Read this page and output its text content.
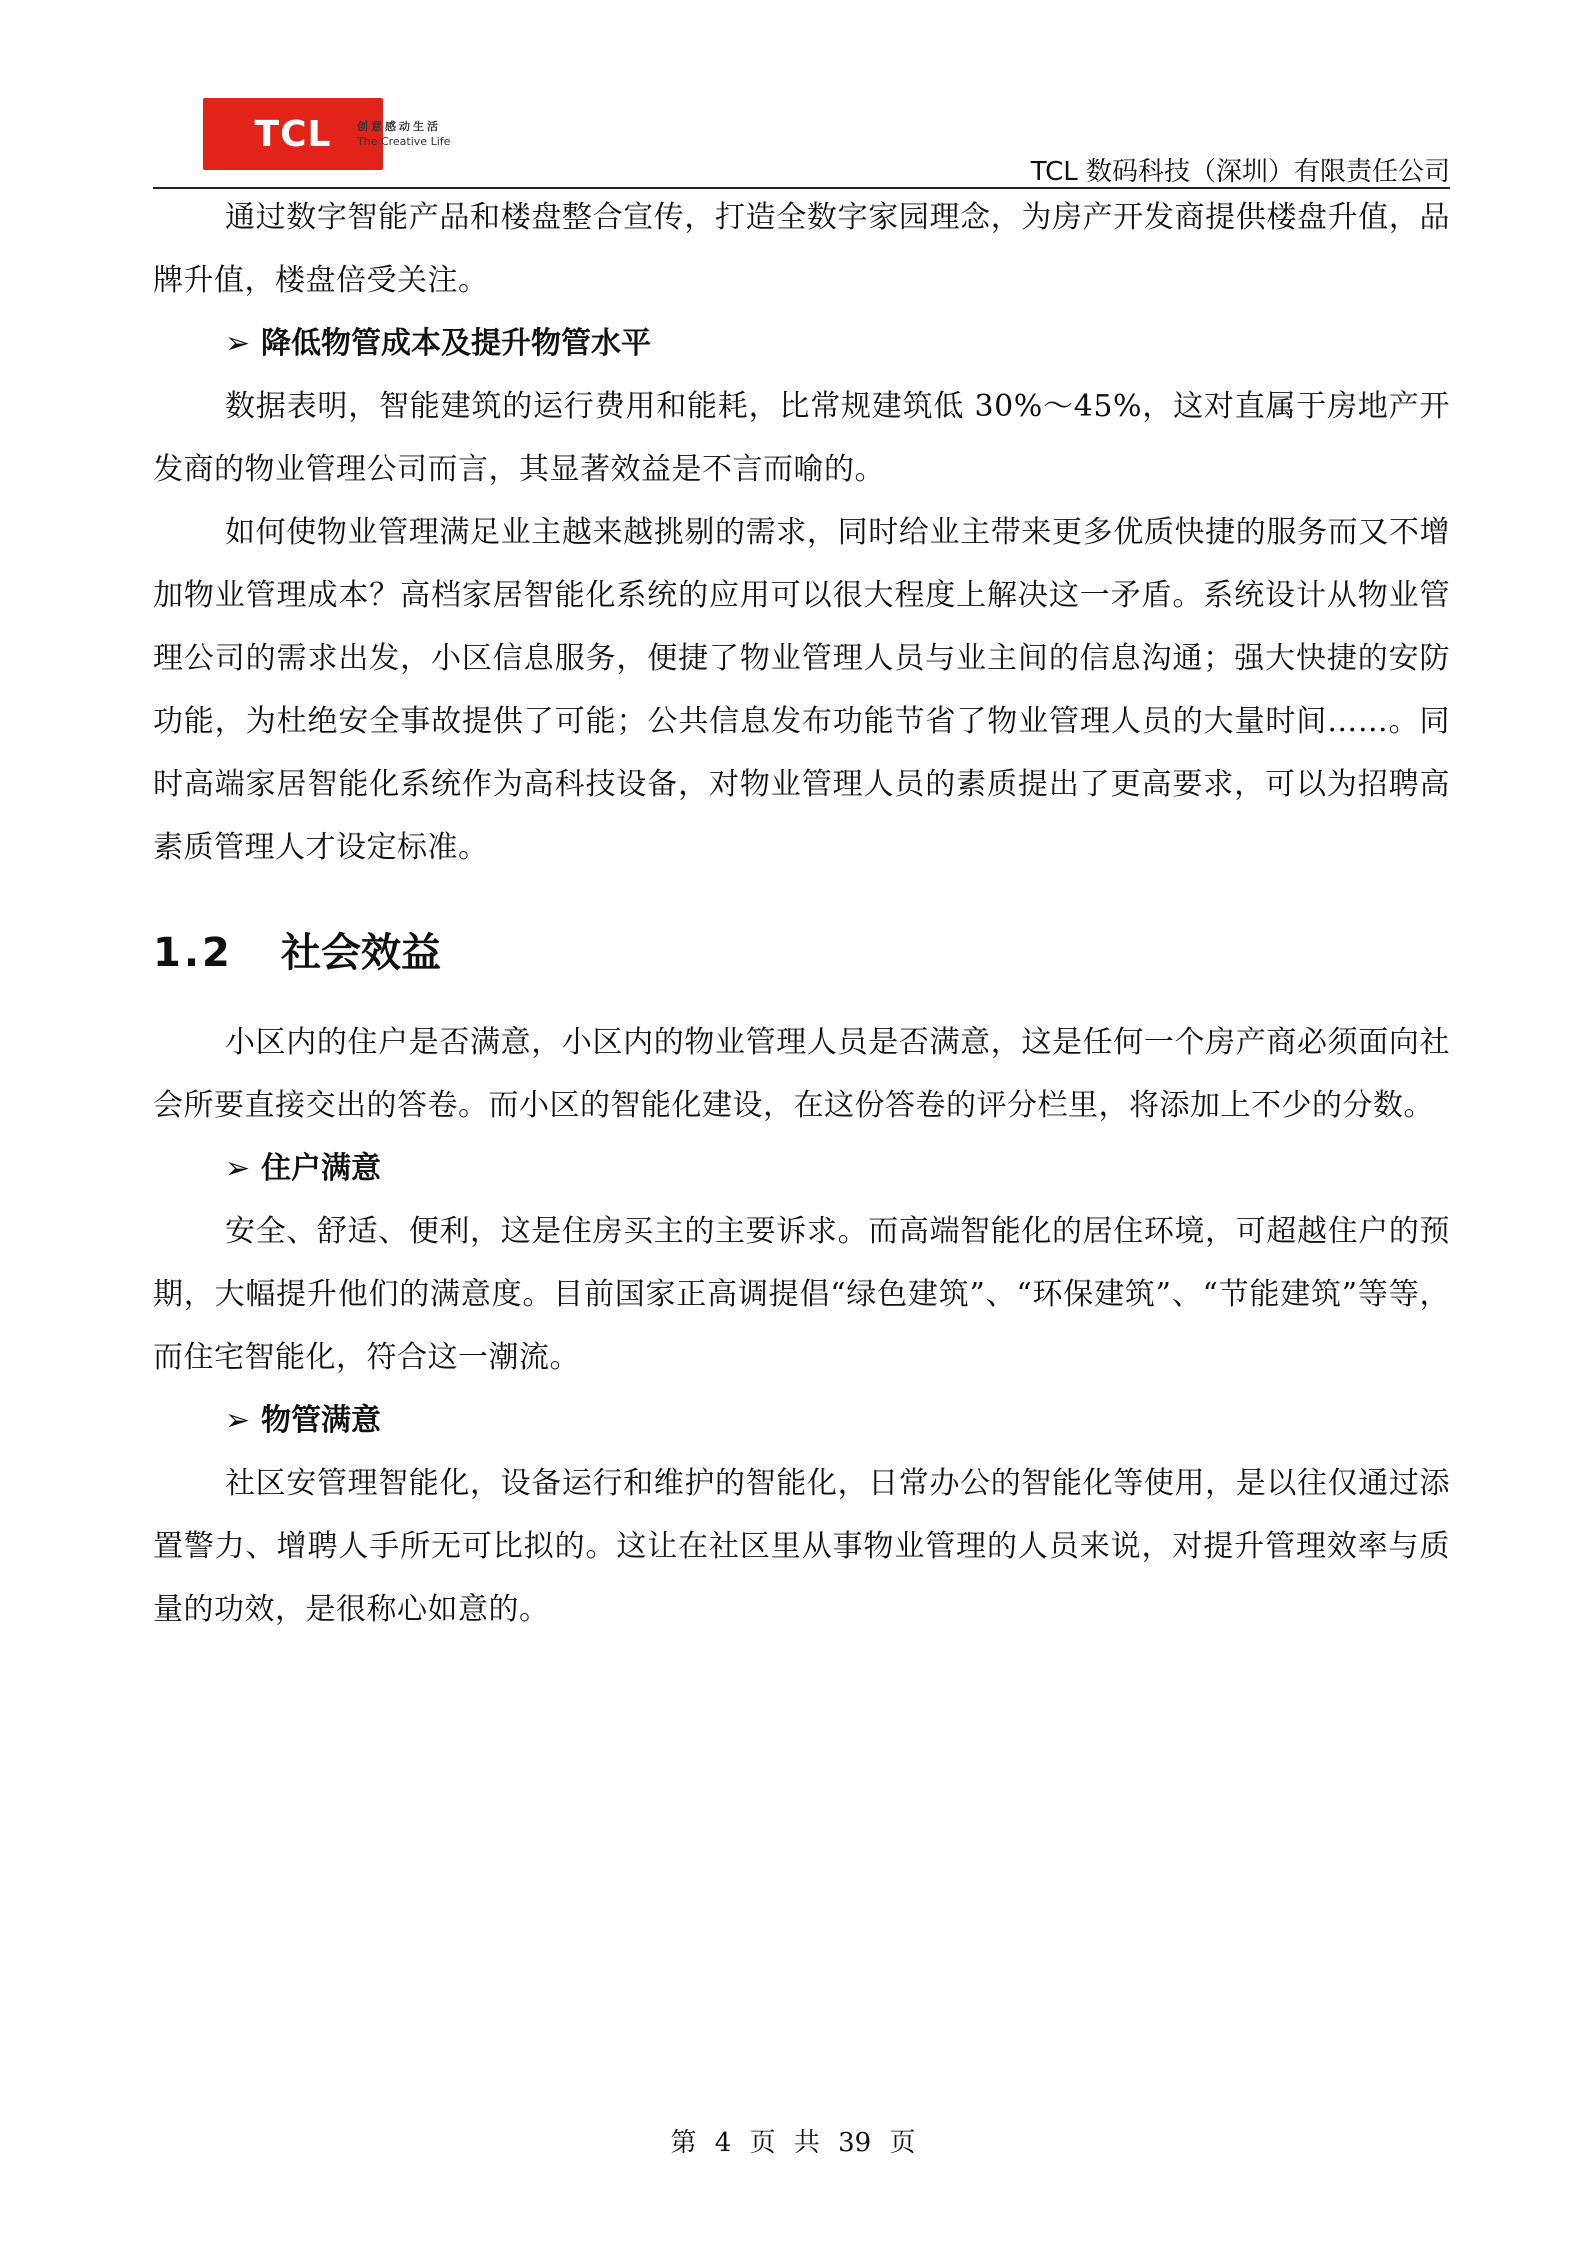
TCL 创意感动生活
The Creative Life
TCL 数码科技（深圳）有限责任公司

通过数字智能产品和楼盘整合宣传，打造全数字家园理念，为房产开发商提供楼盘升值，品牌升值，楼盘倍受关注。

➢ 降低物管成本及提升物管水平

数据表明，智能建筑的运行费用和能耗，比常规建筑低 30%～45%，这对直属于房地产开发商的物业管理公司而言，其显著效益是不言而喻的。

如何使物业管理满足业主越来越挑剔的需求，同时给业主带来更多优质快捷的服务而又不增加物业管理成本？高档家居智能化系统的应用可以很大程度上解决这一矛盾。系统设计从物业管理公司的需求出发，小区信息服务，便捷了物业管理人员与业主间的信息沟通；强大快捷的安防功能，为杜绝安全事故提供了可能；公共信息发布功能节省了物业管理人员的大量时间……。同时高端家居智能化系统作为高科技设备，对物业管理人员的素质提出了更高要求，可以为招聘高素质管理人才设定标准。

1.2	社会效益

小区内的住户是否满意，小区内的物业管理人员是否满意，这是任何一个房产商必须面向社会所要直接交出的答卷。而小区的智能化建设，在这份答卷的评分栏里，将添加上不少的分数。

➢ 住户满意

安全、舒适、便利，这是住房买主的主要诉求。而高端智能化的居住环境，可超越住户的预期，大幅提升他们的满意度。目前国家正高调提倡“绿色建筑”、“环保建筑”、“节能建筑”等等，而住宅智能化，符合这一潮流。

➢ 物管满意

社区安管理智能化，设备运行和维护的智能化，日常办公的智能化等使用，是以往仅通过添置警力、增聘人手所无可比拟的。这让在社区里从事物业管理的人员来说，对提升管理效率与质量的功效，是很称心如意的。

第 4 页 共 39 页
